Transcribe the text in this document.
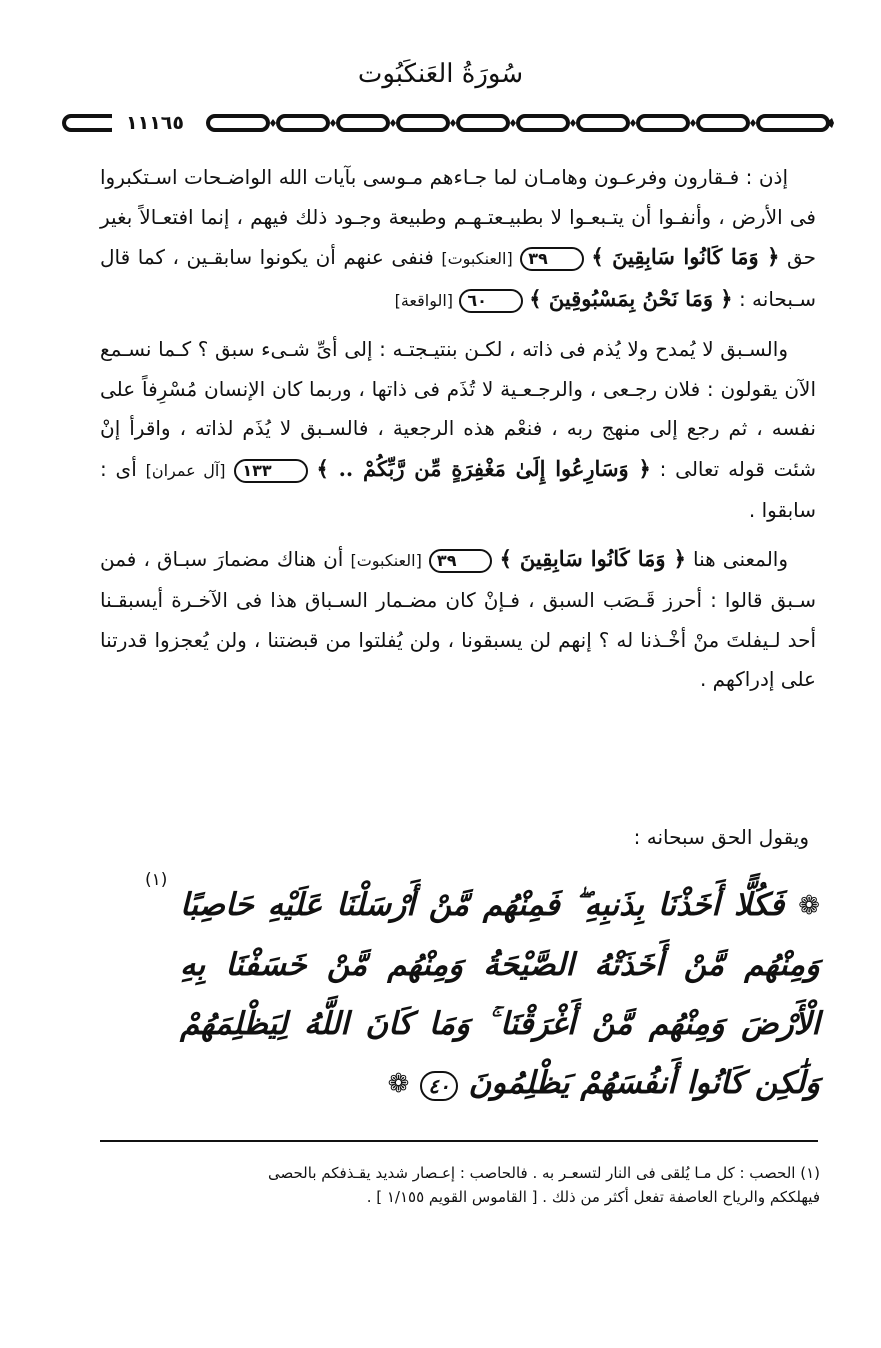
سُورَةُ العَنكَبُوت
١١١٦٥

إذن : فـقارون وفرعـون وهامـان لما جـاءهم مـوسى بآيات الله الواضـحات اسـتكبروا فى الأرض ، وأنفـوا أن يتـبعـوا لا بطبيـعتـهـم وطبيعة وجـود ذلك فيهم ، إنما افتعـالاً بغير حق ﴿ وَمَا كَانُوا سَابِقِينَ ﴾ ٣٩ [العنكبوت] فنفى عنهم أن يكونوا سابقـين ، كما قال سـبحانه : ﴿ وَمَا نَحْنُ بِمَسْبُوقِينَ ﴾ ٦٠ [الواقعة]

والسـبق لا يُمدح ولا يُذم فى ذاته ، لكـن بنتيـجتـه : إلى أىِّ شـىء سبق ؟ كـما نسـمع الآن يقولون : فلان رجـعى ، والرجـعـية لا تُذَم فى ذاتها ، وربما كان الإنسان مُسْرِفاً على نفسه ، ثم رجع إلى منهج ربه ، فنعْم هذه الرجعية ، فالسـبق لا يُذَم لذاته ، واقرأ إنْ شئت قوله تعالى : ﴿ وَسَارِعُوا إِلَىٰ مَغْفِرَةٍ مِّن رَّبِّكُمْ .. ﴾ ١٣٣ [آل عمران] أى : سابقوا .

والمعنى هنا ﴿ وَمَا كَانُوا سَابِقِينَ ﴾ ٣٩ [العنكبوت] أن هناك مضمارَ سبـاق ، فمن سـبق قالوا : أحرز قَـصَب السبق ، فـإنْ كان مضـمار السـباق هذا فى الآخـرة أيسبقـنا أحد لـيفلتَ منْ أخْـذنا له ؟ إنهم لن يسبقونا ، ولن يُفلتوا من قبضتنا ، ولن يُعجزوا قدرتنا على إدراكهم .

ويقول الحق سبحانه :
(١)
❁ فَكُلًّا أَخَذْنَا بِذَنبِهِ ۖ فَمِنْهُم مَّنْ أَرْسَلْنَا عَلَيْهِ حَاصِبًا وَمِنْهُم مَّنْ أَخَذَتْهُ الصَّيْحَةُ وَمِنْهُم مَّنْ خَسَفْنَا بِهِ الْأَرْضَ وَمِنْهُم مَّنْ أَغْرَقْنَا ۚ وَمَا كَانَ اللَّهُ لِيَظْلِمَهُمْ وَلَٰكِن كَانُوا أَنفُسَهُمْ يَظْلِمُونَ ٤٠ ❁

(١) الحصب : كل مـا يُلقى فى النار لتسعـر به . فالحاصب : إعـصار شديد يقـذفكم بالحصى

فيهلككم والرياح العاصفة تفعل أكثر من ذلك . [ القاموس القويم ١/١٥٥ ] .
